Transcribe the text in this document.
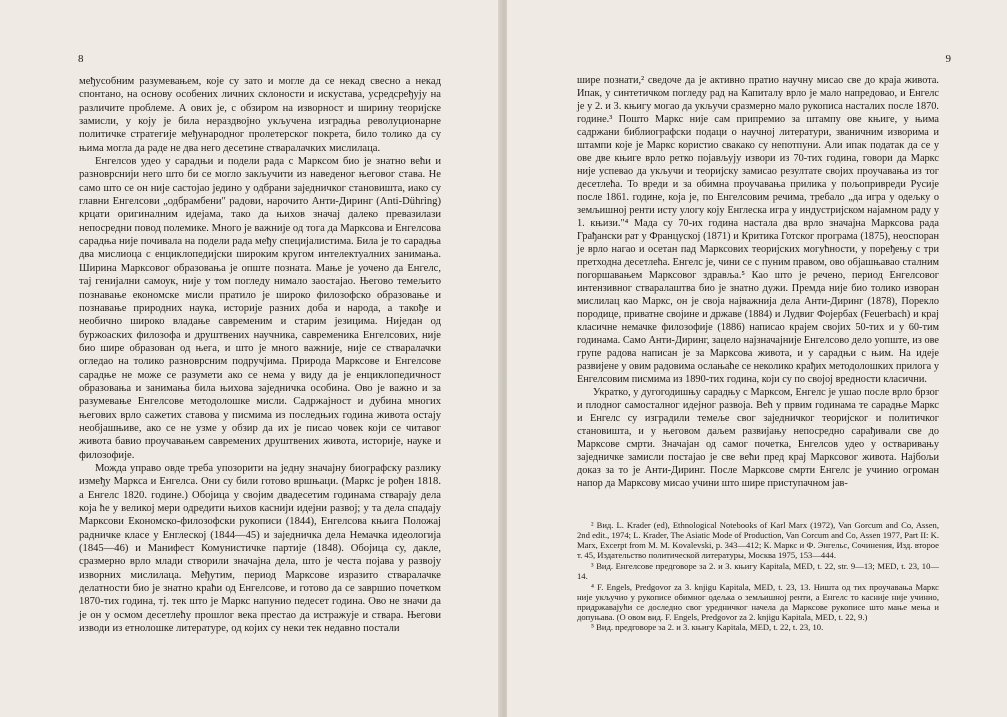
8

међусобним разумевањем, које су зато и могле да се некад свесно а некад спонтано, на основу особених личних склоности и искустава, усредсређују на различите проблеме. А ових је, с обзиром на изворност и ширину теоријске замисли, у коју је била нераздвојно укључена изградња револуционарне политичке стратегије међународног пролетерског покрета, било толико да су њима могла да раде не два него десетине стваралачких мислилаца.

Енгелсов удео у сарадњи и подели рада с Марксом био је знатно већи и разноврснији него што би се могло закључити из наведеног његовог става. Не само што се он није састојао једино у одбрани заједничког становишта, иако су главни Енгелсови „одбрамбени" радови, нарочито Анти-Диринг (Anti-Dühring) крцати оригиналним идејама, тако да њихов значај далеко превазилази непосредни повод полемике. Много је важније од тога да Марксова и Енгелсова сарадња није почивала на подели рада међу специјалистима. Била је то сарадња два мислиоца с енциклопедијски широким кругом интелектуалних занимања. Ширина Марксовог образовања је опште позната. Мање је уочено да Енгелс, тај генијални самоук, није у том погледу нимало заостајао. Његово темељито познавање економске мисли пратило је широко филозофско образовање и познавање природних наука, историје разних доба и народа, а такође и необично широко владање савременим и старим језицима. Ниједан од буржоаских филозофа и друштвених научника, савременика Енгелсових, није био шире образован од њега, и што је много важније, није се стваралачки огледао на толико разноврсним подручјима. Природа Марксове и Енгелсове сарадње не може се разумети ако се нема у виду да је енциклопедичност образовања и занимања била њихова заједничка особина. Ово је важно и за разумевање Енгелсове методолошке мисли. Садржајност и дубина многих његових врло сажетих ставова у писмима из последњих година живота остају необјашњиве, ако се не узме у обзир да их је писао човек који се читавог живота бавио проучавањем савремених друштвених живота, историје, науке и филозофије.

Можда управо овде треба упозорити на једну значајну биографску разлику између Маркса и Енгелса. Они су били готово вршњаци. (Маркс је рођен 1818. а Енгелс 1820. године.) Обојица у својим двадесетим годинама стварају дела која ће у великој мери одредити њихов каснији идејни развој; у та дела спадају Марксови Економско-филозофски рукописи (1844), Енгелсова књига Положај радничке класе у Енглеској (1844—45) и заједничка дела Немачка идеологија (1845—46) и Манифест Комунистичке партије (1848). Обојица су, дакле, сразмерно врло млади створили значајна дела, што је честа појава у развоју изворних мислилаца. Међутим, период Марксове изразито стваралачке делатности био је знатно краћи од Енгелсове, и готово да се завршио почетком 1870-тих година, тј. тек што је Маркс напунио педесет година. Ово не значи да је он у осмом десетлећу прошлог века престао да истражује и ствара. Његови изводи из етнолошке литературе, од којих су неки тек недавно постали

9

шире познати,² сведоче да је активно пратио научну мисао све до краја живота. Ипак, у синтетичком погледу рад на Капиталу врло је мало напредовао, и Енгелс је у 2. и 3. књигу могао да укључи сразмерно мало рукописа насталих после 1870. године.³ Пошто Маркс није сам припремио за штампу ове књиге, у њима садржани библиографски подаци о научној литератури, званичним изворима и штампи које је Маркс користио свакако су непотпуни. Али ипак податак да се у ове две књиге врло ретко појављују извори из 70-тих година, говори да Маркс није успевао да укључи и теоријску замисао резултате својих проучавања из тог десетлећа. То вреди и за обимна проучавања прилика у пољопривреди Русије после 1861. године, која је, по Енгелсовим речима, требало „да игра у одељку о земљишној ренти исту улогу коју Енглеска игра у индустријском најамном раду у 1. књизи."⁴ Мада су 70-их година настала два врло значајна Марксова рада Грађански рат у Француској (1871) и Критика Готског програма (1875), неоспоран је врло нагао и осетан пад Марксових теоријских могућности, у поређењу с три претходна десетлећа. Енгелс је, чини се с пуним правом, ово објашњавао сталним погоршавањем Марксовог здравља.⁵ Као што је речено, период Енгелсовог интензивног стваралаштва био је знатно дужи. Премда није био толико изворан мислилац као Маркс, он је своја најважнија дела Анти-Диринг (1878), Порекло породице, приватне својине и државе (1884) и Лудвиг Фојербах (Feuerbach) и крај класичне немачке филозофије (1886) написао крајем својих 50-тих и у 60-тим годинама. Само Анти-Диринг, зацело најзначајније Енгелсово дело уопште, из ове групе радова написан је за Марксова живота, и у сарадњи с њим. На идеје развијене у овим радовима ослањаће се неколико крађих методолошких прилога у Енгелсовим писмима из 1890-тих година, који су по својој вредности класични.

Укратко, у дугогодишњу сарадњу с Марксом, Енгелс је ушао после врло брзог и плодног самосталног идејног развоја. Већ у првим годинама те сарадње Маркс и Енгелс су изградили темеље свог заједничког теоријског и политичког становишта, и у његовом даљем развијању непосредно сарађивали све до Марксове смрти. Значајан од самог почетка, Енгелсов удео у остваривању заједничке замисли постајао је све већи пред крај Марксовог живота. Најбољи доказ за то је Анти-Диринг. После Марксове смрти Енгелс је учинио огроман напор да Марксову мисао учини што шире приступачном јав-

² Вид. L. Krader (ed), Ethnological Notebooks of Karl Marx (1972), Van Gorcum and Co, Assen, 2nd edit., 1974; L. Krader, The Asiatic Mode of Production, Van Corcum and Co, Assen 1977, Part II: K. Marx, Excerpt from M. M. Kovalevski, p. 343—412; К. Маркс и Ф. Энгельс, Сочинения, Изд. второе т. 45, Издательство политической литературы, Москва 1975, 153—444.

³ Вид. Енгелсове предговоре за 2. и 3. књигу Kapitala, MED, t. 22, str. 9—13; MED, t. 23, 10—14.

⁴ F. Engels, Predgovor za 3. knjigu Kapitala, MED, t. 23, 13. Ништа од тих проучавања Маркс није укључио у рукописе обимног одељка о земљишној ренти, а Енгелс то касније није учинио, придржавајући се доследно свог уредничког начела да Марксове рукописе што мање мења и допуњава. (О овом вид. F. Engels, Predgovor za 2. knjigu Kapitala, MED, t. 22, 9.)

⁵ Вид. предговоре за 2. и 3. књигу Kapitala, MED, t. 22, t. 23, 10.
